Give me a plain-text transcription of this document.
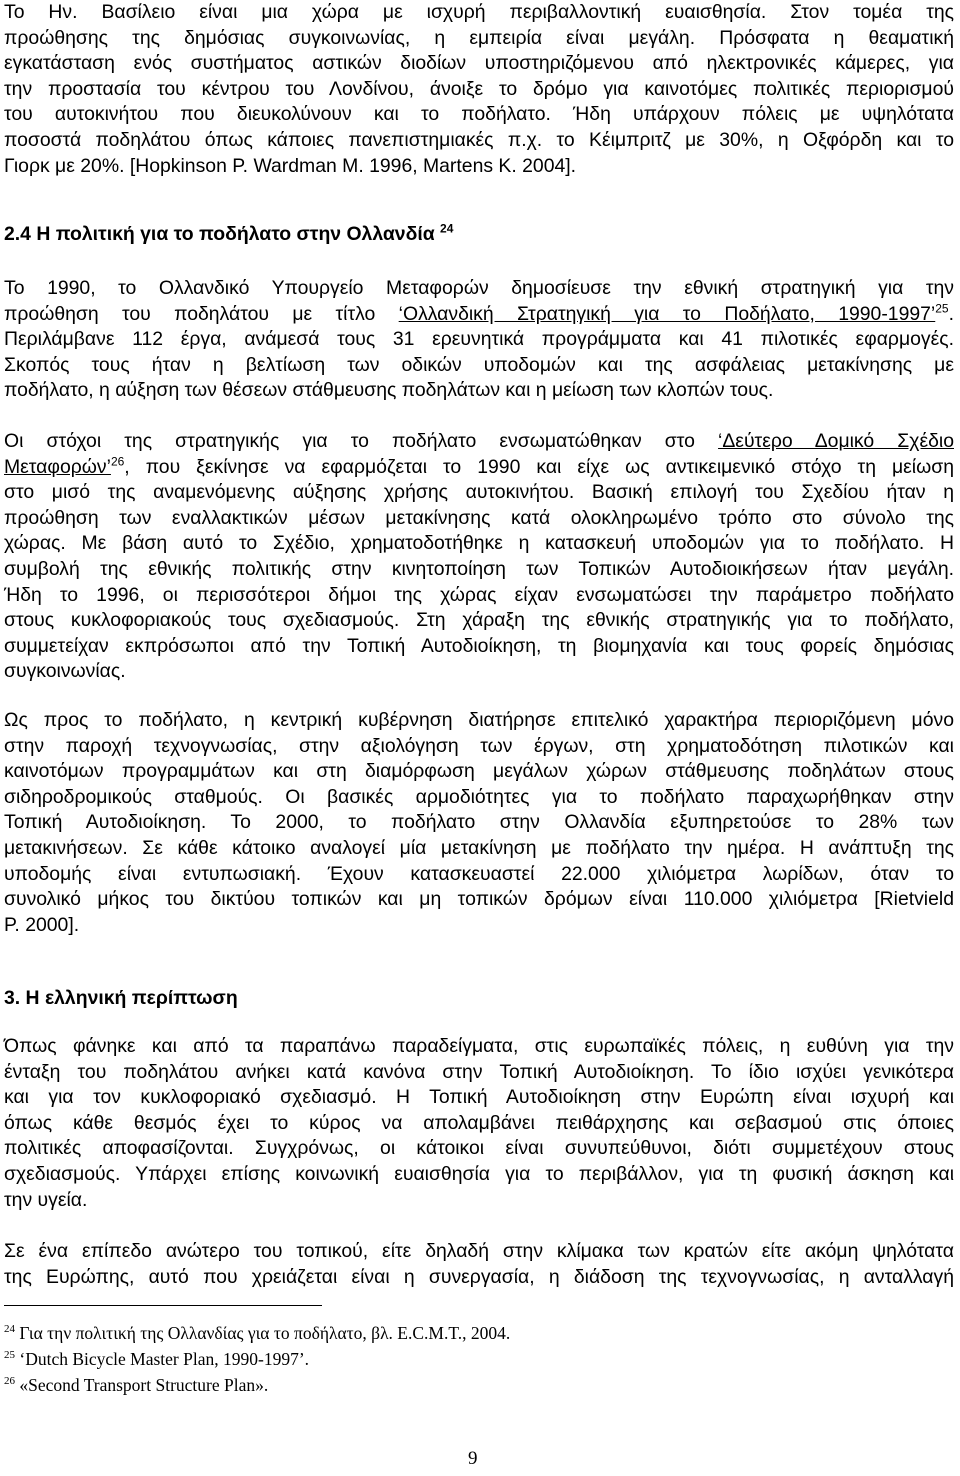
Το Ην. Βασίλειο είναι μια χώρα με ισχυρή περιβαλλοντική ευαισθησία. Στον τομέα της
προώθησης της δημόσιας συγκοινωνίας, η εμπειρία είναι μεγάλη. Πρόσφατα η θεαματική
εγκατάσταση ενός συστήματος αστικών διοδίων υποστηριζόμενου από ηλεκτρονικές κάμερες, για
την προστασία του κέντρου του Λονδίνου, άνοιξε το δρόμο για καινοτόμες πολιτικές περιορισμού
του αυτοκινήτου που διευκολύνουν και το ποδήλατο. Ήδη υπάρχουν πόλεις με υψηλότατα
ποσοστά ποδηλάτου όπως κάποιες πανεπιστημιακές π.χ. το Κέιμπριτζ με 30%, η Οξφόρδη και το
Γιορκ με 20%. [Hopkinson P. Wardman M. 1996, Martens K. 2004].
2.4 Η πολιτική για το ποδήλατο στην Ολλανδία $^{24}$
Το 1990, το Ολλανδικό Υπουργείο Μεταφορών δημοσίευσε την εθνική στρατηγική για την
προώθηση του ποδηλάτου με τίτλο ‘Ολλανδική Στρατηγική για το Ποδήλατο, 1990-1997’$^{25}$.
Περιλάμβανε 112 έργα, ανάμεσά τους 31 ερευνητικά προγράμματα και 41 πιλοτικές εφαρμογές.
Σκοπός τους ήταν η βελτίωση των οδικών υποδομών και της ασφάλειας μετακίνησης με
ποδήλατο, η αύξηση των θέσεων στάθμευσης ποδηλάτων και η μείωση των κλοπών τους.
Οι στόχοι της στρατηγικής για το ποδήλατο ενσωματώθηκαν στο ‘Δεύτερο Δομικό Σχέδιο
Μεταφορών’$^{26}$, που ξεκίνησε να εφαρμόζεται το 1990 και είχε ως αντικειμενικό στόχο τη μείωση
στο μισό της αναμενόμενης αύξησης χρήσης αυτοκινήτου. Βασική επιλογή του Σχεδίου ήταν η
προώθηση των εναλλακτικών μέσων μετακίνησης κατά ολοκληρωμένο τρόπο στο σύνολο της
χώρας. Με βάση αυτό το Σχέδιο, χρηματοδοτήθηκε η κατασκευή υποδομών για το ποδήλατο. Η
συμβολή της εθνικής πολιτικής στην κινητοποίηση των Τοπικών Αυτοδιοικήσεων ήταν μεγάλη.
Ήδη το 1996, οι περισσότεροι δήμοι της χώρας είχαν ενσωματώσει την παράμετρο ποδήλατο
στους κυκλοφοριακούς τους σχεδιασμούς. Στη χάραξη της εθνικής στρατηγικής για το ποδήλατο,
συμμετείχαν εκπρόσωποι από την Τοπική Αυτοδιοίκηση, τη βιομηχανία και τους φορείς δημόσιας
συγκοινωνίας.
Ως προς το ποδήλατο, η κεντρική κυβέρνηση διατήρησε επιτελικό χαρακτήρα περιοριζόμενη μόνο
στην παροχή τεχνογνωσίας, στην αξιολόγηση των έργων, στη χρηματοδότηση πιλοτικών και
καινοτόμων προγραμμάτων και στη διαμόρφωση μεγάλων χώρων στάθμευσης ποδηλάτων στους
σιδηροδρομικούς σταθμούς. Οι βασικές αρμοδιότητες για το ποδήλατο παραχωρήθηκαν στην
Τοπική Αυτοδιοίκηση. Το 2000, το ποδήλατο στην Ολλανδία εξυπηρετούσε το 28% των
μετακινήσεων. Σε κάθε κάτοικο αναλογεί μία μετακίνηση με ποδήλατο την ημέρα. Η ανάπτυξη της
υποδομής είναι εντυπωσιακή. Έχουν κατασκευαστεί 22.000 χιλιόμετρα λωρίδων, όταν το
συνολικό μήκος του δικτύου τοπικών και μη τοπικών δρόμων είναι 110.000 χιλιόμετρα [Rietvield
P. 2000].
3. Η ελληνική περίπτωση
Όπως φάνηκε και από τα παραπάνω παραδείγματα, στις ευρωπαϊκές πόλεις, η ευθύνη για την
ένταξη του ποδηλάτου ανήκει κατά κανόνα στην Τοπική Αυτοδιοίκηση. Το ίδιο ισχύει γενικότερα
και για τον κυκλοφοριακό σχεδιασμό. Η Τοπική Αυτοδιοίκηση στην Ευρώπη είναι ισχυρή και
όπως κάθε θεσμός έχει το κύρος να απολαμβάνει πειθάρχησης και σεβασμού στις όποιες
πολιτικές αποφασίζονται. Συγχρόνως, οι κάτοικοι είναι συνυπεύθυνοι, διότι συμμετέχουν στους
σχεδιασμούς. Υπάρχει επίσης κοινωνική ευαισθησία για το περιβάλλον, για τη φυσική άσκηση και
την υγεία.
Σε ένα επίπεδο ανώτερο του τοπικού, είτε δηλαδή στην κλίμακα των κρατών είτε ακόμη ψηλότατα
της Ευρώπης, αυτό που χρειάζεται είναι η συνεργασία, η διάδοση της τεχνογνωσίας, η ανταλλαγή
$^{24}$ Για την πολιτική της Ολλανδίας για το ποδήλατο, βλ. Ε.C.M.T., 2004.
$^{25}$ ‘Dutch Bicycle Master Plan, 1990-1997’.
$^{26}$ «Second Transport Structure Plan».
9
